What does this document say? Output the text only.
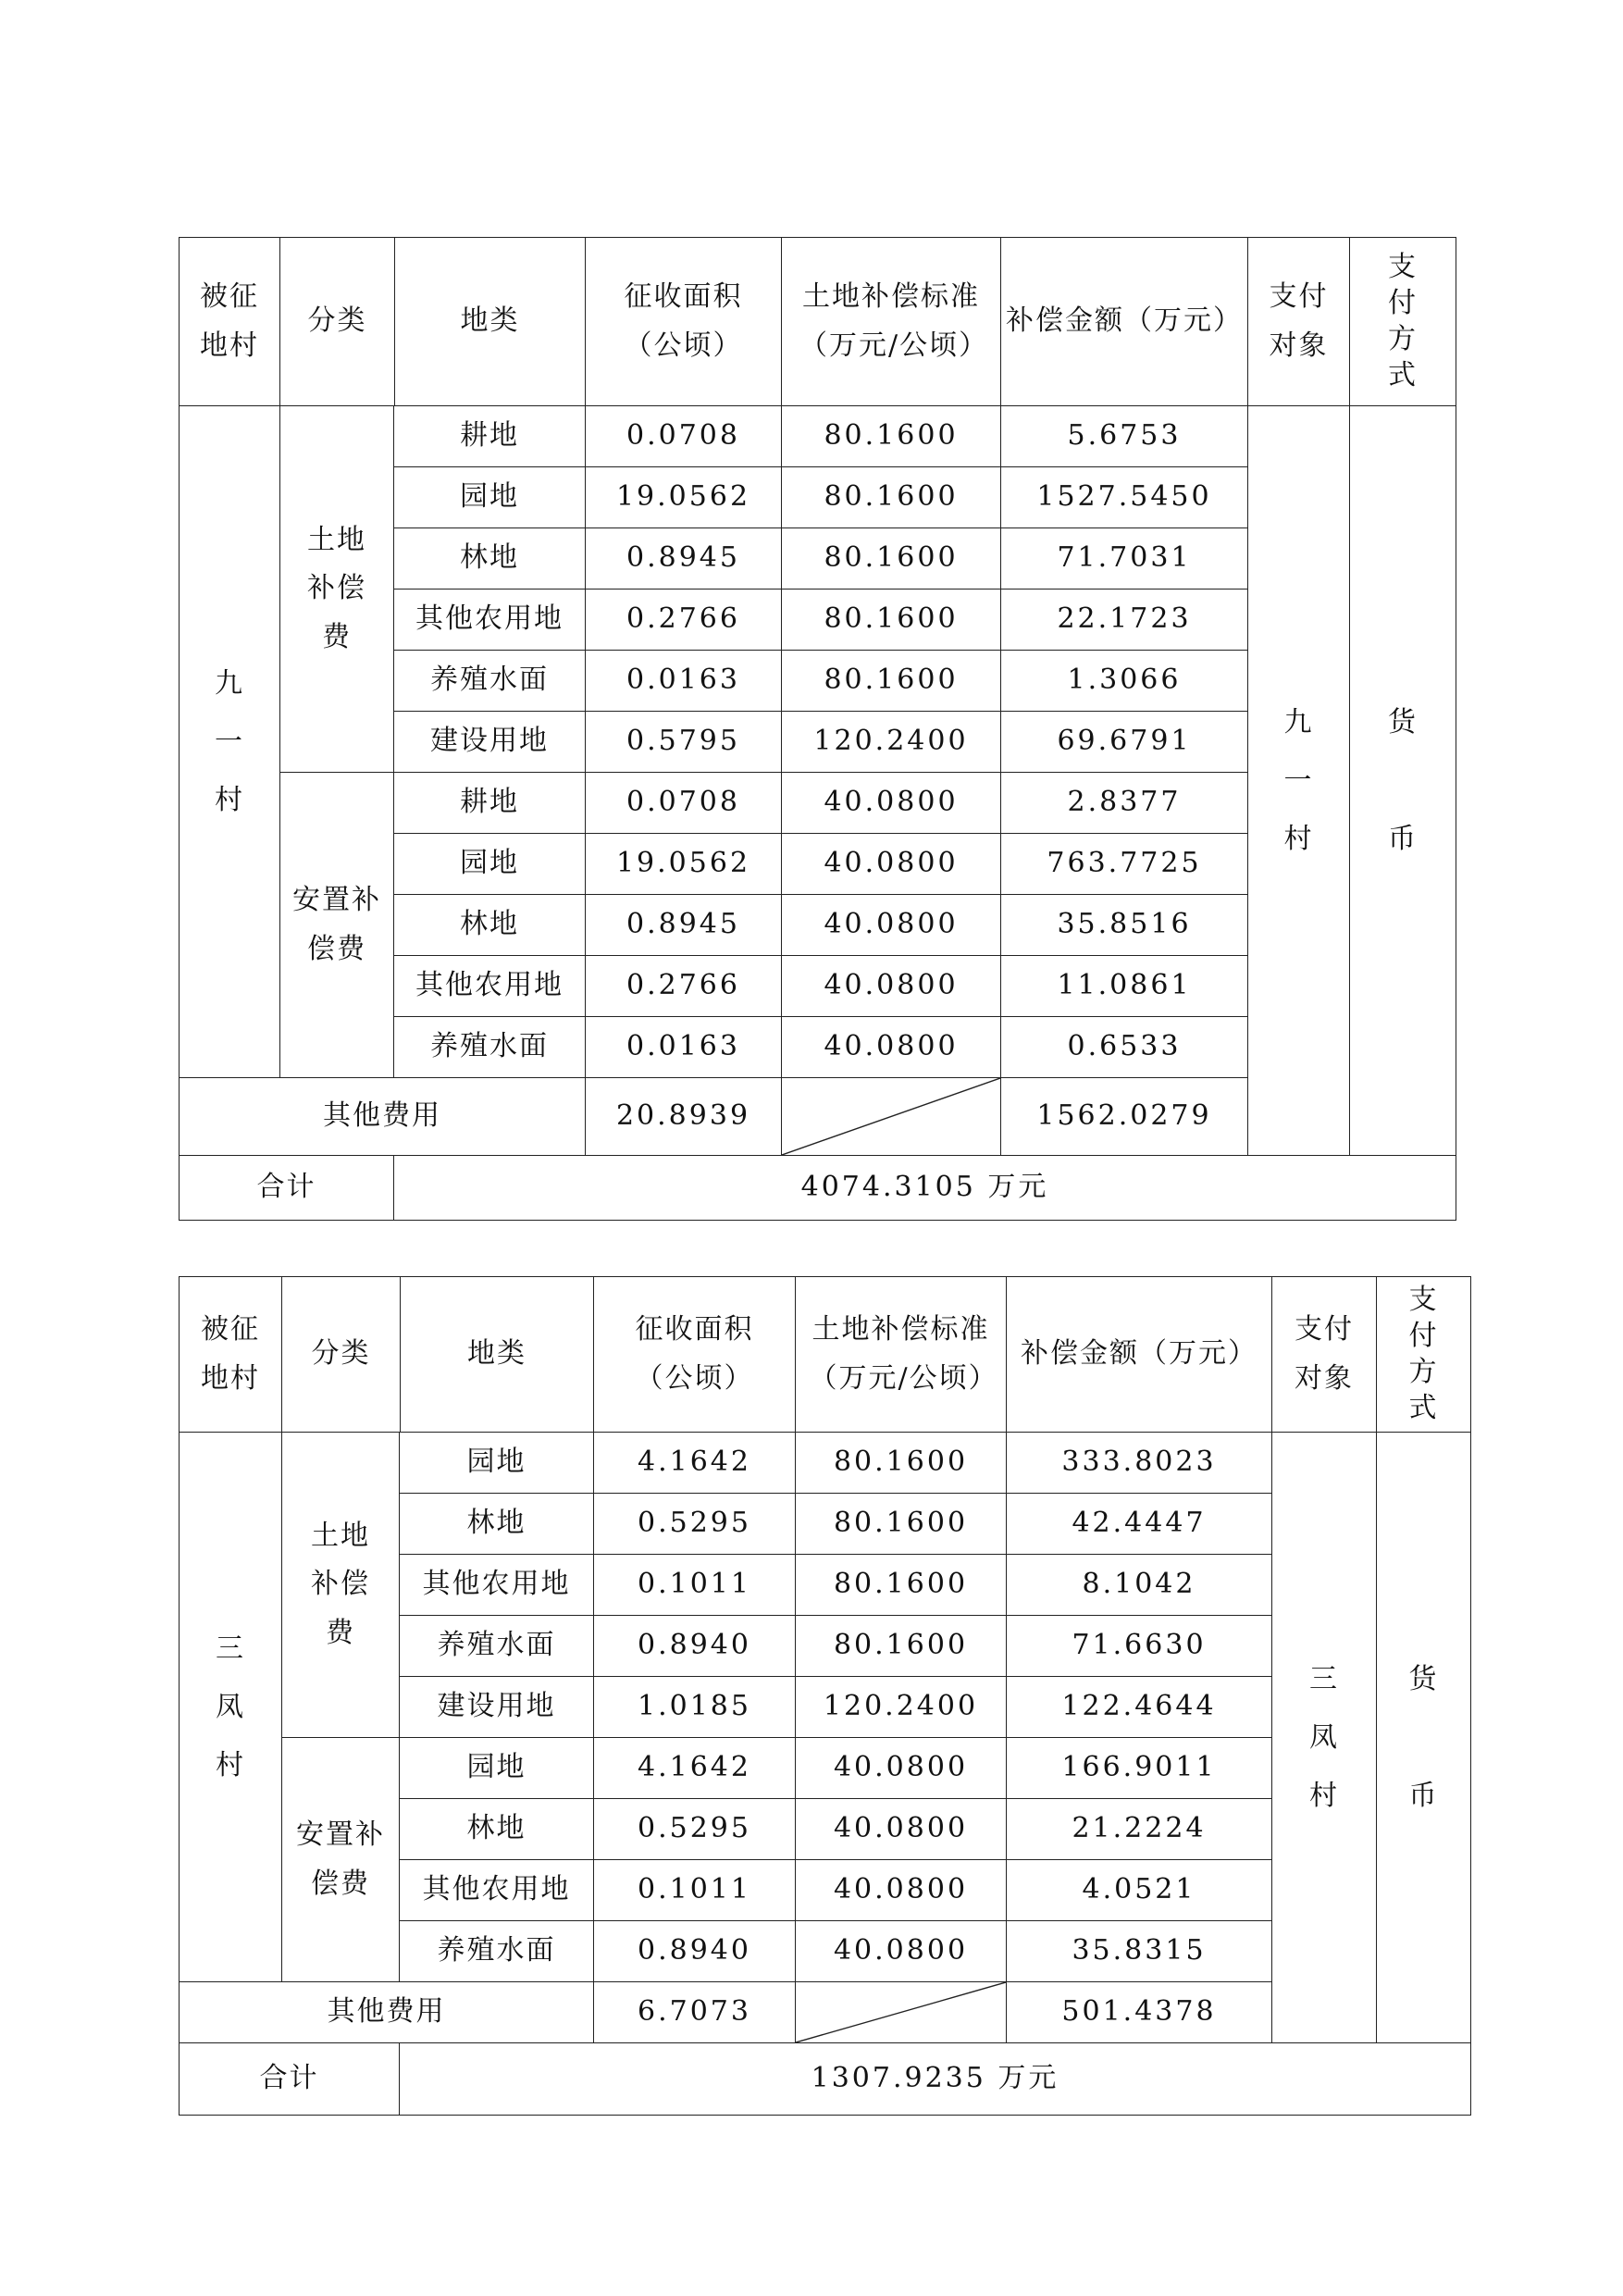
被征地村	分类 地类		征收面积（公顷）	土地补偿标准（万元/公顷）	补偿金额（万元）	支付对象	支付方式
九一村	土地补偿费	耕地	0.0708	80.1600	5.6753	九一村	货
币

		园地	19.0562	80.1600	1527.5450		
		林地	0.8945	80.1600	71.7031		
		其他农用地	0.2766	80.1600	22.1723		
		养殖水面	0.0163	80.1600	1.3066		
		建设用地	0.5795	120.2400	69.6791		
	安置补偿费	耕地	0.0708	40.0800	2.8377		
		园地	19.0562	40.0800	763.7725		
		林地	0.8945	40.0800	35.8516		
		其他农用地	0.2766	40.0800	11.0861		
		养殖水面	0.0163	40.0800	0.6533		
其他费用			20.8939		1562.0279		
合计		4074.3105 万元					
被征地村	分类 地类		征收面积（公顷）	土地补偿标准（万元/公顷）	补偿金额（万元）	支付对象	支付方式
三凤村	土地补偿费	园地	4.1642	80.1600	333.8023	三凤村	货
币

		林地	0.5295	80.1600	42.4447		
		其他农用地	0.1011	80.1600	8.1042		
		养殖水面	0.8940	80.1600	71.6630		
		建设用地	1.0185	120.2400	122.4644		
	安置补偿费	园地	4.1642	40.0800	166.9011		
		林地	0.5295	40.0800	21.2224		
		其他农用地	0.1011	40.0800	4.0521		
		养殖水面	0.8940	40.0800	35.8315		
其他费用			6.7073		501.4378		
合计		1307.9235 万元					
